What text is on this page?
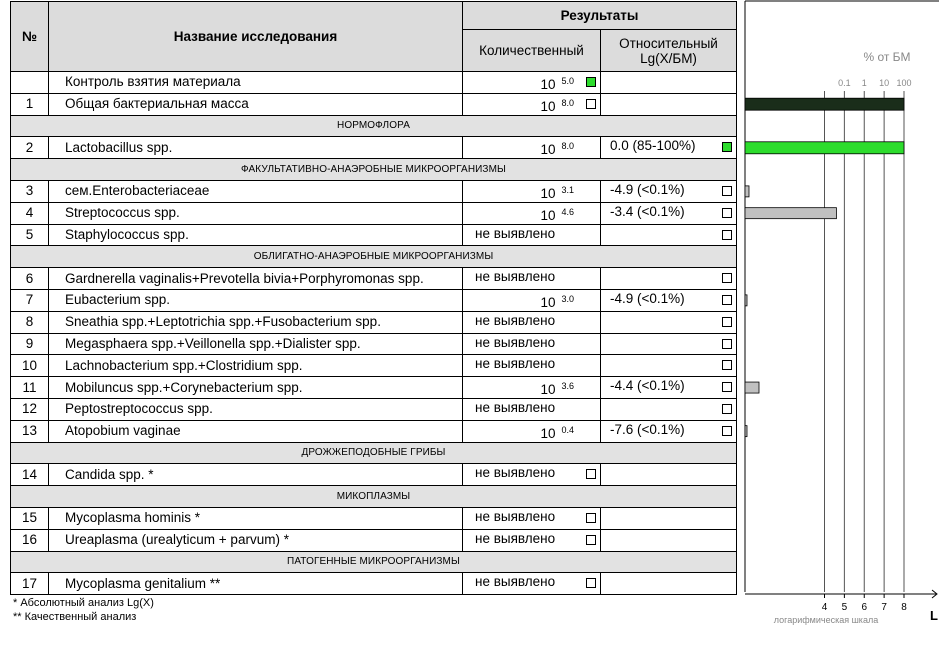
№	Название исследования	Результаты	
		Количественный	Относительный
Lg(X/БМ)
	Контроль взятия материала	10 $^{5.0}$

1	Общая бактериальная масса	10 $^{8.0}$

НОРМОФЛОРА			
2	Lactobacillus spp.	10 $^{8.0}$	0.0 (85-100%)

ФАКУЛЬТАТИВНО-АНАЭРОБНЫЕ МИКРООРГАНИЗМЫ			
3	сем.Enterobacteriaceae	10 $^{3.1}$	-4.9 (<0.1%)

4	Streptococcus spp.	10 $^{4.6}$	-3.4 (<0.1%)

5	Staphylococcus spp.	не выявлено	

ОБЛИГАТНО-АНАЭРОБНЫЕ МИКРООРГАНИЗМЫ			
6	Gardnerella vaginalis+Prevotella bivia+Porphyromonas spp.	не выявлено	

7	Eubacterium spp.	10 $^{3.0}$	-4.9 (<0.1%)

8	Sneathia spp.+Leptotrichia spp.+Fusobacterium spp.	не выявлено	

9	Megasphaera spp.+Veillonella spp.+Dialister spp.	не выявлено	

10	Lachnobacterium spp.+Clostridium spp.	не выявлено	

11	Mobiluncus spp.+Corynebacterium spp.	10 $^{3.6}$	-4.4 (<0.1%)

12	Peptostreptococcus spp.	не выявлено	

13	Atopobium vaginae	10 $^{0.4}$	-7.6 (<0.1%)

ДРОЖЖЕПОДОБНЫЕ ГРИБЫ			
14	Candida spp. *	не выявлено	

МИКОПЛАЗМЫ			
15	Mycoplasma hominis *	не выявлено	

16	Ureaplasma (urealyticum + parvum) *	не выявлено	

ПАТОГЕННЫЕ МИКРООРГАНИЗМЫ			
17	Mycoplasma genitalium **	не выявлено	

* Абсолютный анализ Lg(X)
** Качественный анализ
% от БМ
0.1 1 10 100
4 5 6 7 8
логарифмическая шкала	L
